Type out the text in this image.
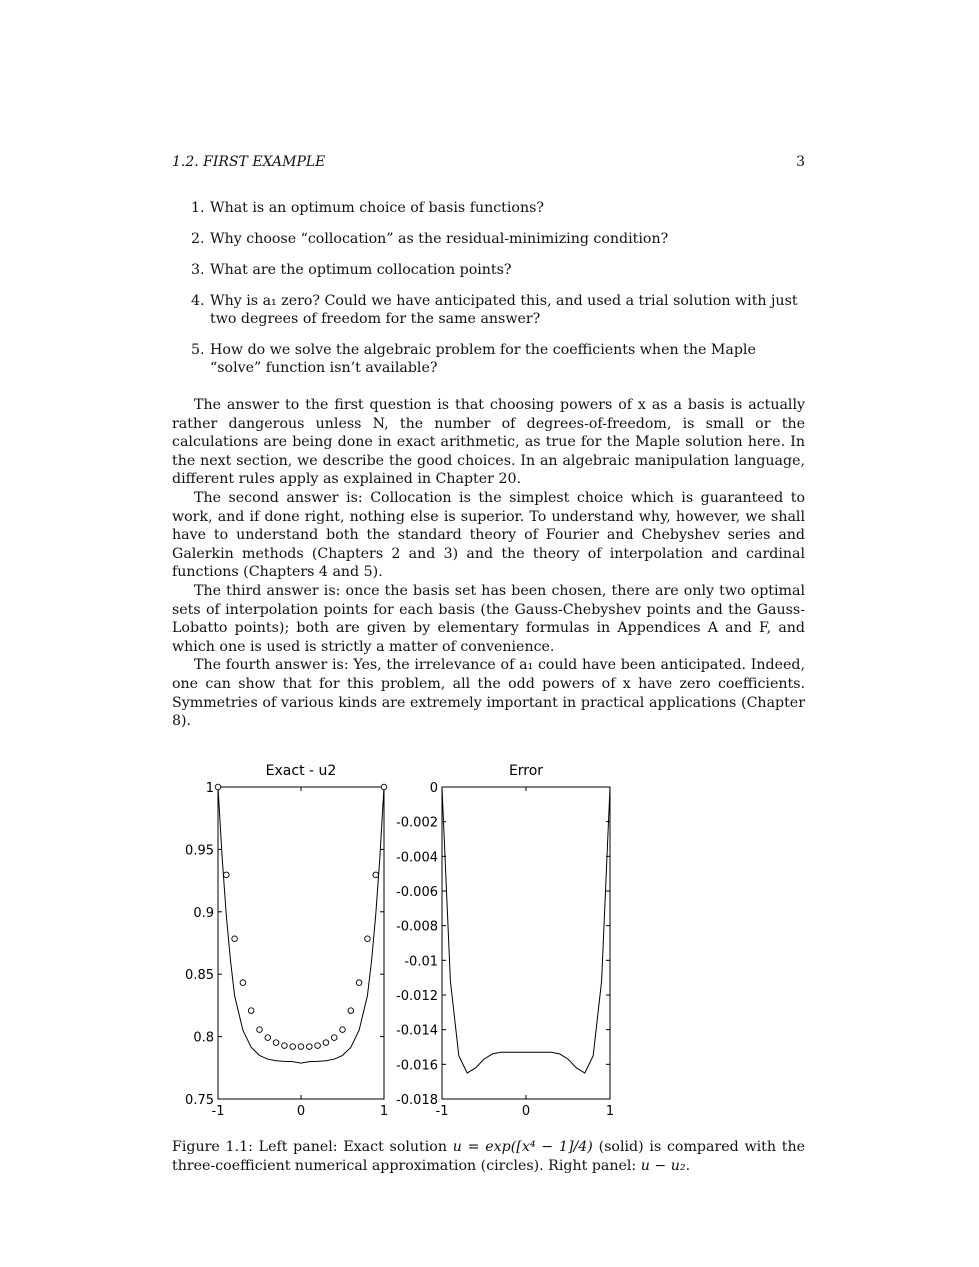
1.2. FIRST EXAMPLE	3
1. What is an optimum choice of basis functions?
2. Why choose “collocation” as the residual-minimizing condition?
3. What are the optimum collocation points?
4. Why is a₁ zero? Could we have anticipated this, and used a trial solution with just two degrees of freedom for the same answer?
5. How do we solve the algebraic problem for the coefficients when the Maple “solve” function isn’t available?

The answer to the first question is that choosing powers of x as a basis is actually rather dangerous unless N, the number of degrees-of-freedom, is small or the calculations are being done in exact arithmetic, as true for the Maple solution here. In the next section, we describe the good choices. In an algebraic manipulation language, different rules apply as explained in Chapter 20.

The second answer is: Collocation is the simplest choice which is guaranteed to work, and if done right, nothing else is superior. To understand why, however, we shall have to understand both the standard theory of Fourier and Chebyshev series and Galerkin methods (Chapters 2 and 3) and the theory of interpolation and cardinal functions (Chapters 4 and 5).

The third answer is: once the basis set has been chosen, there are only two optimal sets of interpolation points for each basis (the Gauss-Chebyshev points and the Gauss-Lobatto points); both are given by elementary formulas in Appendices A and F, and which one is used is strictly a matter of convenience.

The fourth answer is: Yes, the irrelevance of a₁ could have been anticipated. Indeed, one can show that for this problem, all the odd powers of x have zero coefficients. Symmetries of various kinds are extremely important in practical applications (Chapter 8).

Exact - u2
-1	0	1
0.75
0.8
0.85
0.9
0.95
1
Error
-1	0	1
0
-0.002
-0.004
-0.006
-0.008
-0.01
-0.012
-0.014
-0.016
-0.018
Figure 1.1: Left panel: Exact solution u = exp([x⁴ − 1]/4) (solid) is compared with the three-coefficient numerical approximation (circles). Right panel: u − u₂.
